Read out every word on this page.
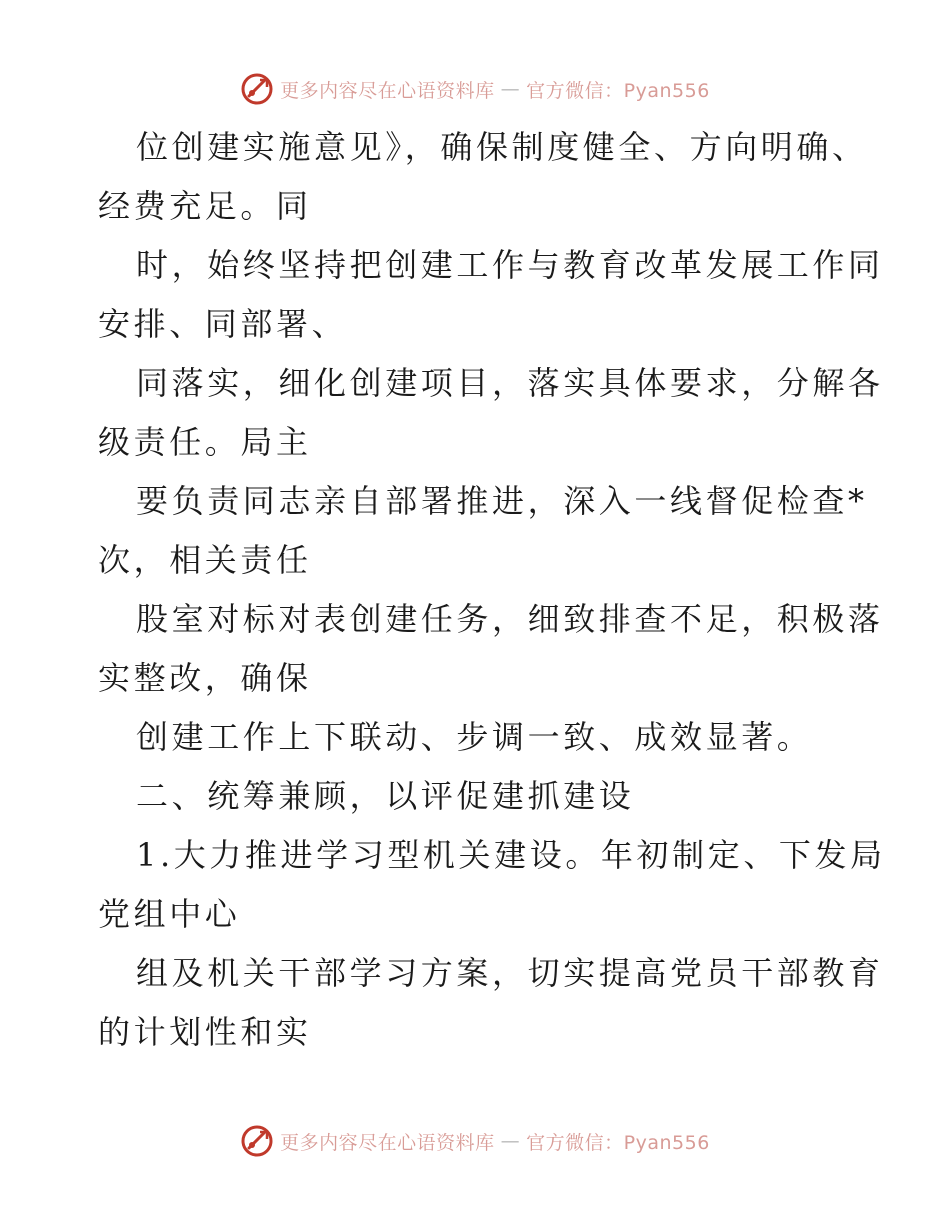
更多内容尽在心语资料库 — 官方微信：Pyan556

位创建实施意见》，确保制度健全、方向明确、

经费充足。同

时，始终坚持把创建工作与教育改革发展工作同

安排、同部署、

同落实，细化创建项目，落实具体要求，分解各

级责任。局主

要负责同志亲自部署推进，深入一线督促检查*

次，相关责任

股室对标对表创建任务，细致排查不足，积极落

实整改，确保

创建工作上下联动、步调一致、成效显著。

二、统筹兼顾，以评促建抓建设

1.大力推进学习型机关建设。年初制定、下发局

党组中心

组及机关干部学习方案，切实提高党员干部教育

的计划性和实

更多内容尽在心语资料库 — 官方微信：Pyan556
